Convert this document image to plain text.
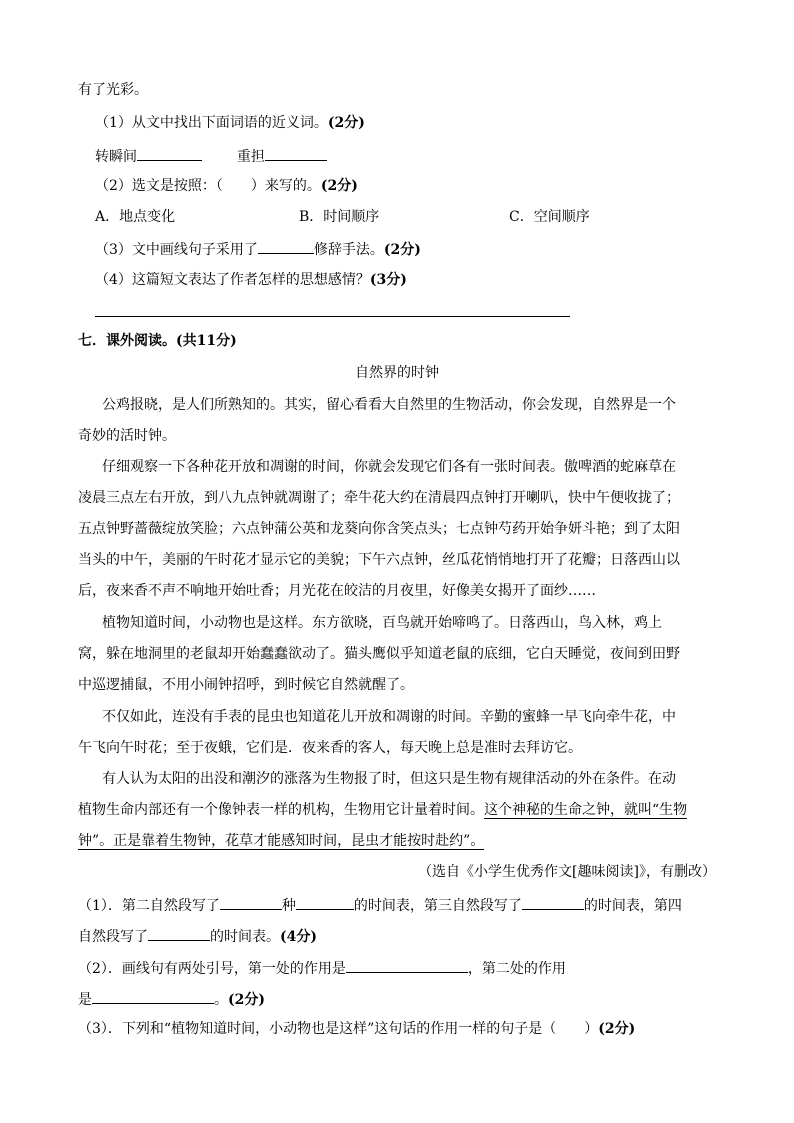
有了光彩。
（1）从文中找出下面词语的近义词。(2分)
转瞬间	重担
（2）选文是按照：（　　）来写的。(2分)
A．地点变化	B．时间顺序	C．空间顺序
（3）文中画线句子采用了	修辞手法。(2分)
（4）这篇短文表达了作者怎样的思想感情？(3分)
七．课外阅读。(共11分)
自然界的时钟
公鸡报晓，是人们所熟知的。其实，留心看看大自然里的生物活动，你会发现，自然界是一个
奇妙的活时钟。
仔细观察一下各种花开放和凋谢的时间，你就会发现它们各有一张时间表。傲啤酒的蛇麻草在
凌晨三点左右开放，到八九点钟就凋谢了；牵牛花大约在清晨四点钟打开喇叭，快中午便收拢了；
五点钟野蔷薇绽放笑脸；六点钟蒲公英和龙葵向你含笑点头；七点钟芍药开始争妍斗艳；到了太阳
当头的中午，美丽的午时花才显示它的美貌；下午六点钟，丝瓜花悄悄地打开了花瓣；日落西山以
后，夜来香不声不响地开始吐香；月光花在皎洁的月夜里，好像美女揭开了面纱……
植物知道时间，小动物也是这样。东方欲晓，百鸟就开始啼鸣了。日落西山，鸟入林，鸡上
窝，躲在地洞里的老鼠却开始蠢蠢欲动了。猫头鹰似乎知道老鼠的底细，它白天睡觉，夜间到田野
中巡逻捕鼠，不用小闹钟招呼，到时候它自然就醒了。
不仅如此，连没有手表的昆虫也知道花儿开放和凋谢的时间。辛勤的蜜蜂一早飞向牵牛花，中
午飞向午时花；至于夜蛾，它们是．夜来香的客人，每天晚上总是准时去拜访它。
有人认为太阳的出没和潮汐的涨落为生物报了时，但这只是生物有规律活动的外在条件。在动
植物生命内部还有一个像钟表一样的机构，生物用它计量着时间。这个神秘的生命之钟，就叫“生物
钟”。正是靠着生物钟，花草才能感知时间，昆虫才能按时赴约”。
（选自《小学生优秀作文[趣味阅读]》，有删改）
（1）．第二自然段写了	种	的时间表，第三自然段写了	的时间表，第四
自然段写了	的时间表。(4分)
（2）．画线句有两处引号，第一处的作用是	，第二处的作用
是	。(2分)
（3）．下列和“植物知道时间，小动物也是这样”这句话的作用一样的句子是（　　）(2分)
